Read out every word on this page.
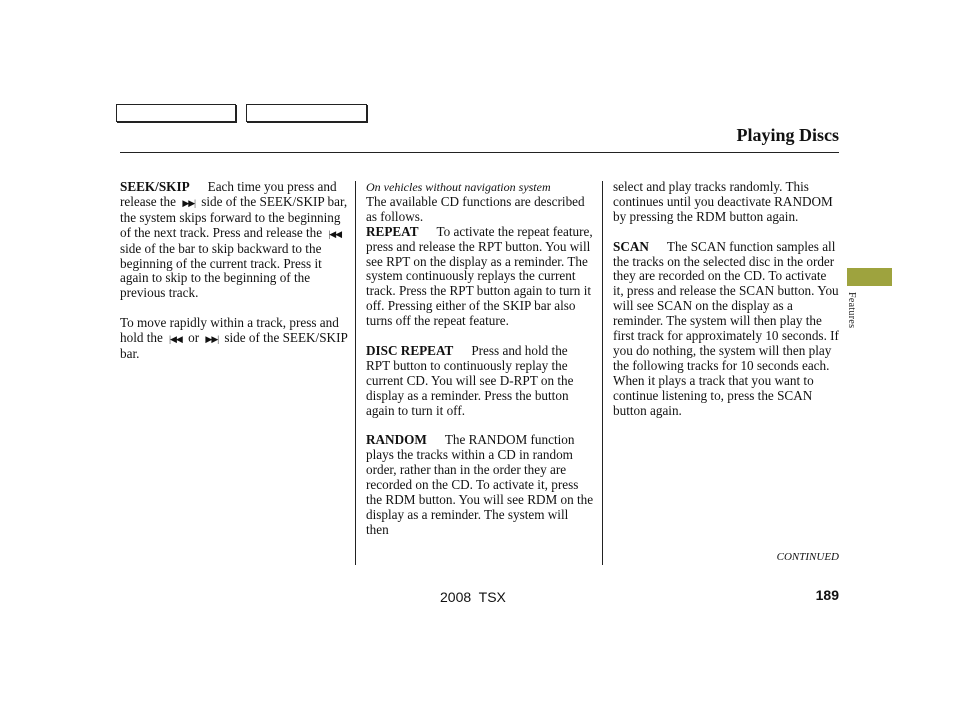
Playing Discs

SEEK/SKIP Each time you press and release the ▶▶| side of the SEEK/SKIP bar, the system skips forward to the beginning of the next track. Press and release the |◀◀ side of the bar to skip backward to the beginning of the current track. Press it again to skip to the beginning of the previous track.

To move rapidly within a track, press and hold the |◀◀ or ▶▶| side of the SEEK/SKIP bar.

On vehicles without navigation system

The available CD functions are described as follows.

REPEAT To activate the repeat feature, press and release the RPT button. You will see RPT on the display as a reminder. The system continuously replays the current track. Press the RPT button again to turn it off. Pressing either of the SKIP bar also turns off the repeat feature.

DISC REPEAT Press and hold the RPT button to continuously replay the current CD. You will see D-RPT on the display as a reminder. Press the button again to turn it off.

RANDOM The RANDOM function plays the tracks within a CD in random order, rather than in the order they are recorded on the CD. To activate it, press the RDM button. You will see RDM on the display as a reminder. The system will then

select and play tracks randomly. This continues until you deactivate RANDOM by pressing the RDM button again.

SCAN The SCAN function samples all the tracks on the selected disc in the order they are recorded on the CD. To activate it, press and release the SCAN button. You will see SCAN on the display as a reminder. The system will then play the first track for approximately 10 seconds. If you do nothing, the system will then play the following tracks for 10 seconds each. When it plays a track that you want to continue listening to, press the SCAN button again.

Features
CONTINUED
2008  TSX	189
